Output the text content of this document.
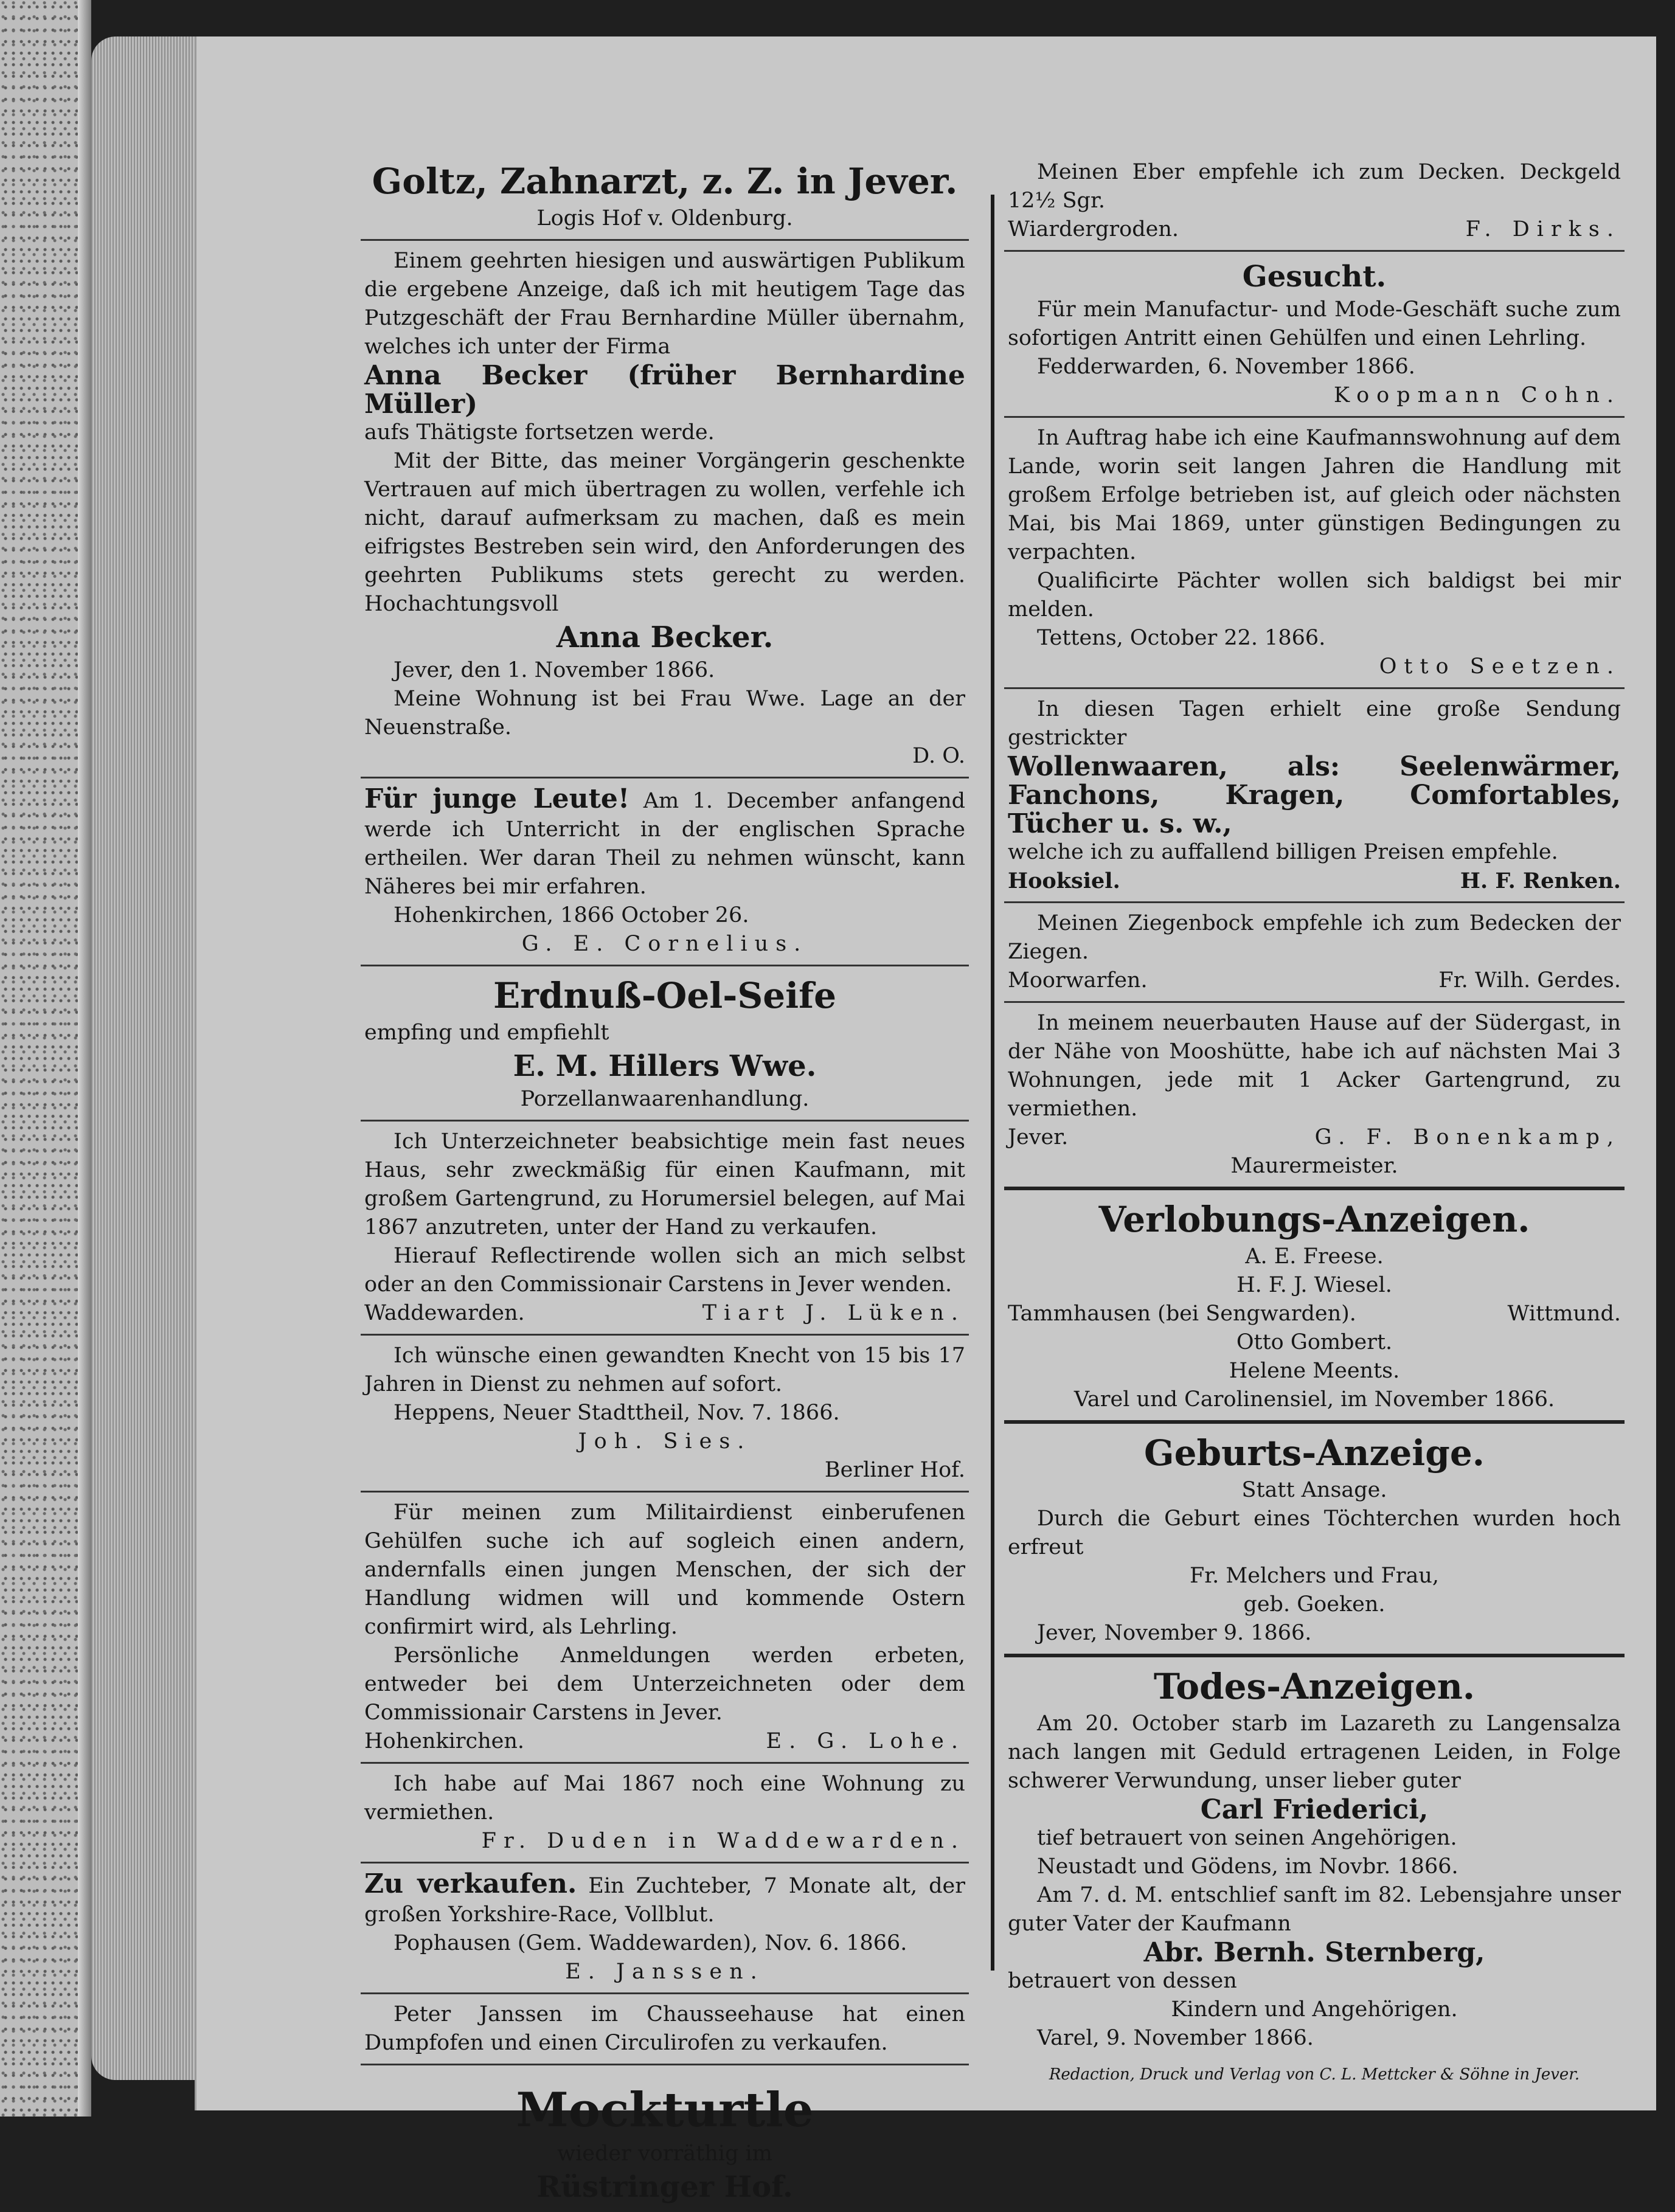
Goltz, Zahnarzt, z. Z. in Jever.

Logis Hof v. Oldenburg.

Einem geehrten hiesigen und auswärtigen Publikum die ergebene Anzeige, daß ich mit heutigem Tage das Putzgeschäft der Frau Bernhardine Müller übernahm, welches ich unter der Firma

Anna Becker (früher Bernhardine Müller)

aufs Thätigste fortsetzen werde.

Mit der Bitte, das meiner Vorgängerin geschenkte Vertrauen auf mich übertragen zu wollen, verfehle ich nicht, darauf aufmerksam zu machen, daß es mein eifrigstes Bestreben sein wird, den Anforderungen des geehrten Publikums stets gerecht zu werden. Hochachtungsvoll

Anna Becker.

Jever, den 1. November 1866.

Meine Wohnung ist bei Frau Wwe. Lage an der Neuenstraße.

D. O.

Für junge Leute! Am 1. December anfangend werde ich Unterricht in der englischen Sprache ertheilen. Wer daran Theil zu nehmen wünscht, kann Näheres bei mir erfahren.

Hohenkirchen, 1866 October 26.

G. E. Cornelius.

Erdnuß-Oel-Seife

empfing und empfiehlt

E. M. Hillers Wwe.

Porzellanwaarenhandlung.

Ich Unterzeichneter beabsichtige mein fast neues Haus, sehr zweckmäßig für einen Kaufmann, mit großem Gartengrund, zu Horumersiel belegen, auf Mai 1867 anzutreten, unter der Hand zu verkaufen.

Hierauf Reflectirende wollen sich an mich selbst oder an den Commissionair Carstens in Jever wenden.

Waddewarden.	Tiart J. Lüken.

Ich wünsche einen gewandten Knecht von 15 bis 17 Jahren in Dienst zu nehmen auf sofort.

Heppens, Neuer Stadttheil, Nov. 7. 1866.

Joh. Sies.

Berliner Hof.

Für meinen zum Militairdienst einberufenen Gehülfen suche ich auf sogleich einen andern, andernfalls einen jungen Menschen, der sich der Handlung widmen will und kommende Ostern confirmirt wird, als Lehrling.

Persönliche Anmeldungen werden erbeten, entweder bei dem Unterzeichneten oder dem Commissionair Carstens in Jever.

Hohenkirchen.	E. G. Lohe.

Ich habe auf Mai 1867 noch eine Wohnung zu vermiethen.

Fr. Duden in Waddewarden.

Zu verkaufen. Ein Zuchteber, 7 Monate alt, der großen Yorkshire-Race, Vollblut.

Pophausen (Gem. Waddewarden), Nov. 6. 1866.

E. Janssen.

Peter Janssen im Chausseehause hat einen Dumpfofen und einen Circulirofen zu verkaufen.

Mockturtle

wieder vorräthig im

Rüstringer Hof.

Meinen Eber empfehle ich zum Decken. Deckgeld 12½ Sgr.

Wiardergroden.	F. Dirks.

Gesucht.

Für mein Manufactur- und Mode-Geschäft suche zum sofortigen Antritt einen Gehülfen und einen Lehrling.

Fedderwarden, 6. November 1866.

Koopmann Cohn.

In Auftrag habe ich eine Kaufmannswohnung auf dem Lande, worin seit langen Jahren die Handlung mit großem Erfolge betrieben ist, auf gleich oder nächsten Mai, bis Mai 1869, unter günstigen Bedingungen zu verpachten.

Qualificirte Pächter wollen sich baldigst bei mir melden.

Tettens, October 22. 1866.

Otto Seetzen.

In diesen Tagen erhielt eine große Sendung gestrickter

Wollenwaaren, als: Seelenwärmer, Fanchons, Kragen, Comfortables, Tücher u. s. w.,

welche ich zu auffallend billigen Preisen empfehle.

Hooksiel.	H. F. Renken.

Meinen Ziegenbock empfehle ich zum Bedecken der Ziegen.

Moorwarfen.	Fr. Wilh. Gerdes.

In meinem neuerbauten Hause auf der Südergast, in der Nähe von Mooshütte, habe ich auf nächsten Mai 3 Wohnungen, jede mit 1 Acker Gartengrund, zu vermiethen.

Jever.	G. F. Bonenkamp,

Maurermeister.

Verlobungs-Anzeigen.

A. E. Freese.

H. F. J. Wiesel.

Tammhausen (bei Sengwarden).	Wittmund.

Otto Gombert.

Helene Meents.

Varel und Carolinensiel, im November 1866.

Geburts-Anzeige.

Statt Ansage.

Durch die Geburt eines Töchterchen wurden hoch erfreut

Fr. Melchers und Frau,

geb. Goeken.

Jever, November 9. 1866.

Todes-Anzeigen.

Am 20. October starb im Lazareth zu Langensalza nach langen mit Geduld ertragenen Leiden, in Folge schwerer Verwundung, unser lieber guter

Carl Friederici,

tief betrauert von seinen Angehörigen.

Neustadt und Gödens, im Novbr. 1866.

Am 7. d. M. entschlief sanft im 82. Lebensjahre unser guter Vater der Kaufmann

Abr. Bernh. Sternberg,

betrauert von dessen

Kindern und Angehörigen.

Varel, 9. November 1866.

Redaction, Druck und Verlag von C. L. Mettcker & Söhne in Jever.
